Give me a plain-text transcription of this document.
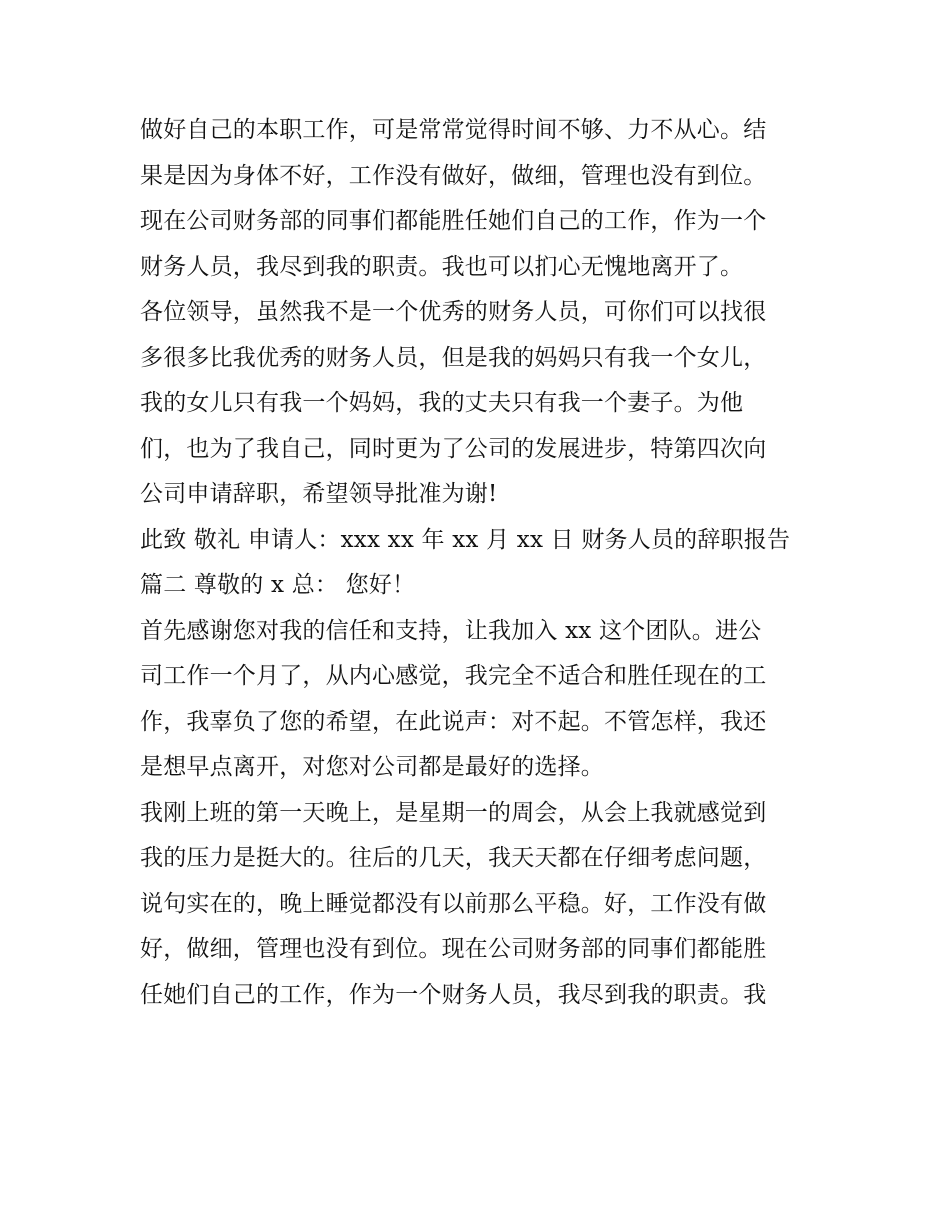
做好自己的本职工作，可是常常觉得时间不够、力不从心。结
果是因为身体不好，工作没有做好，做细，管理也没有到位。
现在公司财务部的同事们都能胜任她们自己的工作，作为一个
财务人员，我尽到我的职责。我也可以扪心无愧地离开了。
各位领导，虽然我不是一个优秀的财务人员，可你们可以找很
多很多比我优秀的财务人员，但是我的妈妈只有我一个女儿，
我的女儿只有我一个妈妈，我的丈夫只有我一个妻子。为他
们，也为了我自己，同时更为了公司的发展进步，特第四次向
公司申请辞职，希望领导批准为谢!
此致 敬礼 申请人：xxx xx 年 xx 月 xx 日 财务人员的辞职报告
篇二 尊敬的 x 总： 您好！
首先感谢您对我的信任和支持，让我加入 xx 这个团队。进公
司工作一个月了，从内心感觉，我完全不适合和胜任现在的工
作，我辜负了您的希望，在此说声：对不起。不管怎样，我还
是想早点离开，对您对公司都是最好的选择。
我刚上班的第一天晚上，是星期一的周会，从会上我就感觉到
我的压力是挺大的。往后的几天，我天天都在仔细考虑问题，
说句实在的，晚上睡觉都没有以前那么平稳。好，工作没有做
好，做细，管理也没有到位。现在公司财务部的同事们都能胜
任她们自己的工作，作为一个财务人员，我尽到我的职责。我
